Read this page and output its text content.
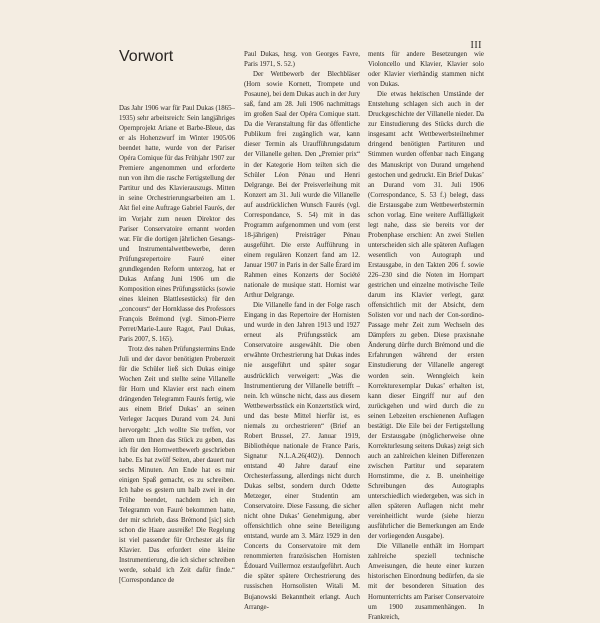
III
Vorwort

Das Jahr 1906 war für Paul Dukas (1865–1935) sehr arbeitsreich: Sein langjähriges Opernprojekt Ariane et Barbe-Bleue, das er als Hohenzwurf im Winter 1905/06 beendet hatte, wurde von der Pariser Opéra Comique für das Frühjahr 1907 zur Premiere angenommen und erforderte nun von ihm die rasche Fertigstellung der Partitur und des Klavierauszugs. Mitten in seine Orchestrierungsarbeiten am 1. Akt fiel eine Auftrage Gabriel Faurés, der im Vorjahr zum neuen Direktor des Pariser Conservatoire ernannt worden war. Für die dortigen jährlichen Gesangs- und Instrumentalwettbewerbe, deren Prüfungsrepertoire Fauré einer grundlegenden Reform unterzog, hat er Dukas Anfang Juni 1906 um die Komposition eines Prüfungsstücks (sowie eines kleinen Blattlesestücks) für den „concours“ der Hornklasse des Professors François Brémond (vgl. Simon-Pierre Perret/Marie-Laure Ragot, Paul Dukas, Paris 2007, S. 165).

Trotz des nahen Prüfungstermins Ende Juli und der davor benötigten Probenzeit für die Schüler ließ sich Dukas einige Wochen Zeit und stellte seine Villanelle für Horn und Klavier erst nach einem drängenden Telegramm Faurés fertig, wie aus einem Brief Dukas’ an seinen Verleger Jacques Durand vom 24. Juni hervorgeht: „Ich wollte Sie treffen, vor allem um Ihnen das Stück zu geben, das ich für den Hornwettbewerb geschrieben habe. Es hat zwölf Seiten, aber dauert nur sechs Minuten. Am Ende hat es mir einigen Spaß gemacht, es zu schreiben. Ich habe es gestern um halb zwei in der Frühe beendet, nachdem ich ein Telegramm von Fauré bekommen hatte, der mir schrieb, dass Brémond [sic] sich schon die Haare ausreiße! Die Regelung ist viel passender für Orchester als für Klavier. Das erfordert eine kleine Instrumentierung, die ich sicher schreiben werde, sobald ich Zeit dafür finde.“ [Correspondance de

Paul Dukas, hrsg. von Georges Favre, Paris 1971, S. 52.)

Der Wettbewerb der Blechbläser (Horn sowie Kornett, Trompete und Posaune), bei dem Dukas auch in der Jury saß, fand am 28. Juli 1906 nachmittags im großen Saal der Opéra Comique statt. Da die Veranstaltung für das öffentliche Publikum frei zugänglich war, kann dieser Termin als Uraufführungsdatum der Villanelle gelten. Den „Premier prix“ in der Kategorie Horn teilten sich die Schüler Léon Pénau und Henri Delgrange. Bei der Preisverleihung mit Konzert am 31. Juli wurde die Villanelle auf ausdrücklichen Wunsch Faurés (vgl. Correspondance, S. 54) mit in das Programm aufgenommen und vom (erst 18-jährigen) Preisträger Pénau ausgeführt. Die erste Aufführung in einem regulären Konzert fand am 12. Januar 1907 in Paris in der Salle Érard im Rahmen eines Konzerts der Société nationale de musique statt. Hornist war Arthur Delgrange.

Die Villanelle fand in der Folge rasch Eingang in das Repertoire der Hornisten und wurde in den Jahren 1913 und 1927 erneut als Prüfungsstück am Conservatoire ausgewählt. Die oben erwähnte Orchestrierung hat Dukas indes nie ausgeführt und später sogar ausdrücklich verweigert: „Was die Instrumentierung der Villanelle betrifft – nein. Ich wünsche nicht, dass aus diesem Wettbewerbsstück ein Konzertstück wird, und das beste Mittel hierfür ist, es niemals zu orchestrieren“ (Brief an Robert Brussel, 27. Januar 1919, Bibliothèque nationale de France Paris, Signatur N.L.A.26(402)). Dennoch entstand 40 Jahre darauf eine Orchesterfassung, allerdings nicht durch Dukas selbst, sondern durch Odette Metzeger, einer Studentin am Conservatoire. Diese Fassung, die sicher nicht ohne Dukas’ Genehmigung, aber offensichtlich ohne seine Beteiligung entstand, wurde am 3. März 1929 in den Concerts du Conservatoire mit dem renommierten französischen Hornisten Édouard Vuillermoz erstaufgeführt. Auch die später spätere Orchestrierung des russischen Hornsolisten Witali M. Bujanowski Bekanntheit erlangt. Auch Arrange-

ments für andere Besetzungen wie Violoncello und Klavier, Klavier solo oder Klavier vierhändig stammen nicht von Dukas.

Die etwas hektischen Umstände der Entstehung schlagen sich auch in der Druckgeschichte der Villanelle nieder. Da zur Einstudierung des Stücks durch die insgesamt acht Wettbewerbsteilnehmer dringend benötigten Partituren und Stimmen wurden offenbar nach Eingang des Manuskript von Durand umgehend gestochen und gedruckt. Ein Brief Dukas’ an Durand vom 31. Juli 1906 (Correspondance, S. 53 f.) belegt, dass die Erstausgabe zum Wettbewerbstermin schon vorlag. Eine weitere Auffälligkeit legt nahe, dass sie bereits vor der Probenphase erschien: An zwei Stellen unterscheiden sich alle späteren Auflagen wesentlich von Autograph und Erstausgabe, in den Takten 206 f. sowie 226–230 sind die Noten im Hornpart gestrichen und einzelne motivische Teile darum ins Klavier verlegt, ganz offensichtlich mit der Absicht, dem Solisten vor und nach der Con-sordino-Passage mehr Zeit zum Wechseln des Dämpfers zu geben. Diese praxisnahe Änderung dürfte durch Brémond und die Erfahrungen während der ersten Einstudierung der Villanelle angeregt worden sein. Wenngleich kein Korrekturexemplar Dukas’ erhalten ist, kann dieser Eingriff nur auf den zurückgehen und wird durch die zu seinen Lebzeiten erschienenen Auflagen bestätigt. Die Eile bei der Fertigstellung der Erstausgabe (möglicherweise ohne Korrekturlesung seitens Dukas) zeigt sich auch an zahlreichen kleinen Differenzen zwischen Partitur und separatem Hornstimme, die z. B. uneinheitige Schreibungen des Autographs unterschiedlich wiedergeben, was sich in allen späteren Auflagen nicht mehr vereinheitlicht wurde (siehe hierzu ausführlicher die Bemerkungen am Ende der vorliegenden Ausgabe).

Die Villanelle enthält im Hornpart zahlreiche speziell technische Anweisungen, die heute einer kurzen historischen Einordnung bedürfen, da sie mit der besonderen Situation des Hornunterrichts am Pariser Conservatoire um 1900 zusammenhängen. In Frankreich,
